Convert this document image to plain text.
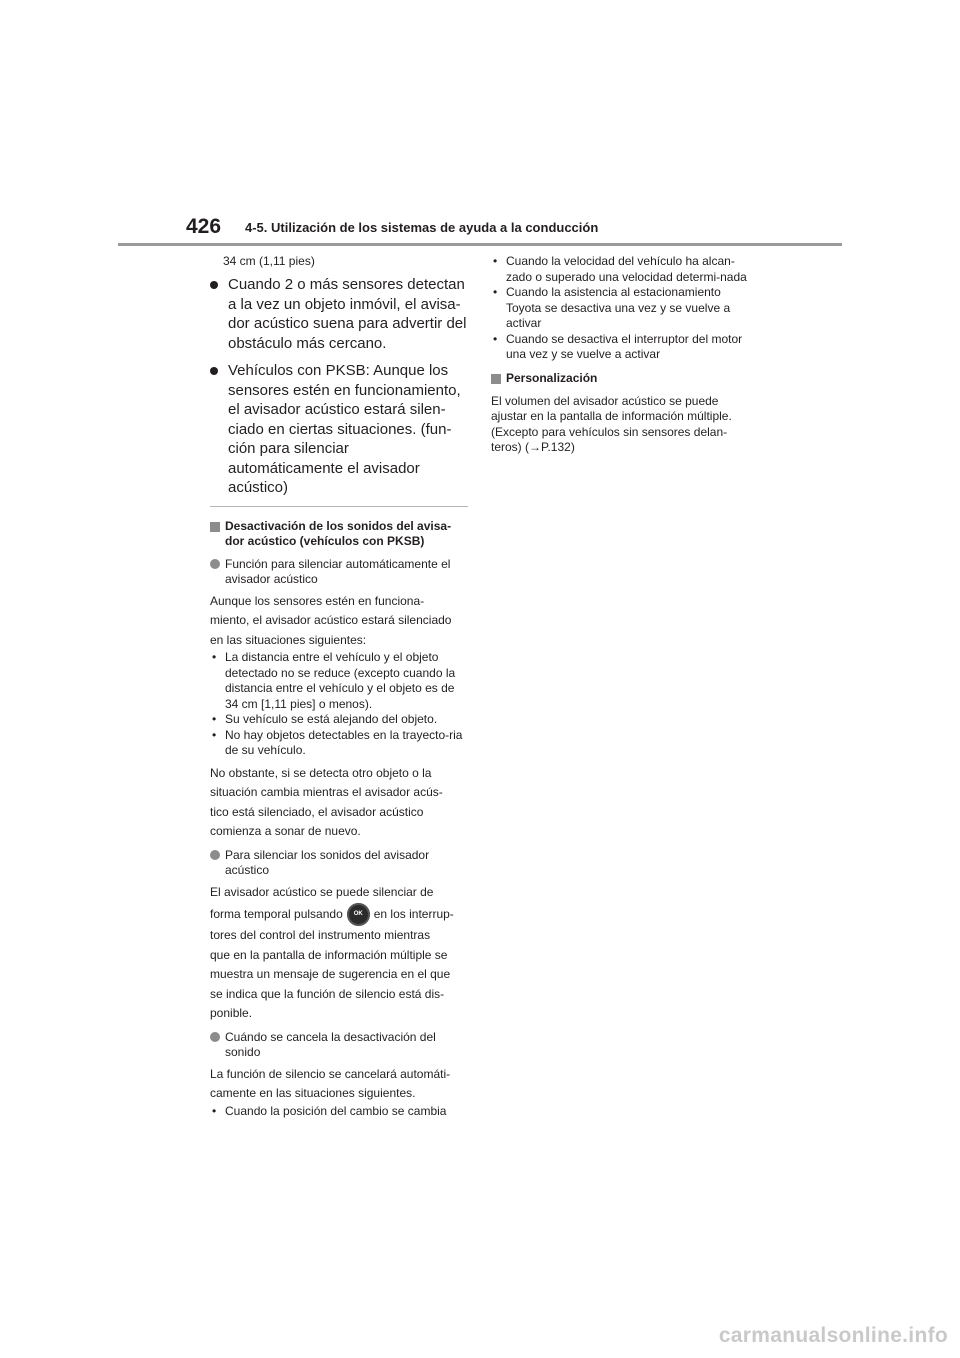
426 4-5. Utilización de los sistemas de ayuda a la conducción

34 cm (1,11 pies)

Cuando 2 o más sensores detectan a la vez un objeto inmóvil, el avisa-dor acústico suena para advertir del obstáculo más cercano.
Vehículos con PKSB: Aunque los sensores estén en funcionamiento, el avisador acústico estará silen-ciado en ciertas situaciones. (fun-ción para silenciar automáticamente el avisador acústico)
Desactivación de los sonidos del avisa-dor acústico (vehículos con PKSB)
Función para silenciar automáticamente el avisador acústico

Aunque los sensores estén en funciona-

miento, el avisador acústico estará silenciado

en las situaciones siguientes:

• La distancia entre el vehículo y el objeto detectado no se reduce (excepto cuando la distancia entre el vehículo y el objeto es de 34 cm [1,11 pies] o menos).
• Su vehículo se está alejando del objeto.
• No hay objetos detectables en la trayecto-ria de su vehículo.

No obstante, si se detecta otro objeto o la

situación cambia mientras el avisador acús-

tico está silenciado, el avisador acústico

comienza a sonar de nuevo.

Para silenciar los sonidos del avisador acústico

El avisador acústico se puede silenciar de

forma temporal pulsando	OK en los interrup-

tores del control del instrumento mientras

que en la pantalla de información múltiple se

muestra un mensaje de sugerencia en el que

se indica que la función de silencio está dis-

ponible.

Cuándo se cancela la desactivación del sonido

La función de silencio se cancelará automáti-

camente en las situaciones siguientes.

• Cuando la posición del cambio se cambia
• Cuando la velocidad del vehículo ha alcan-zado o superado una velocidad determi-nada
• Cuando la asistencia al estacionamiento Toyota se desactiva una vez y se vuelve a activar
• Cuando se desactiva el interruptor del motor una vez y se vuelve a activar
Personalización

El volumen del avisador acústico se puede ajustar en la pantalla de información múltiple. (Excepto para vehículos sin sensores delan-teros) (→P.132)

carmanualsonline.info
